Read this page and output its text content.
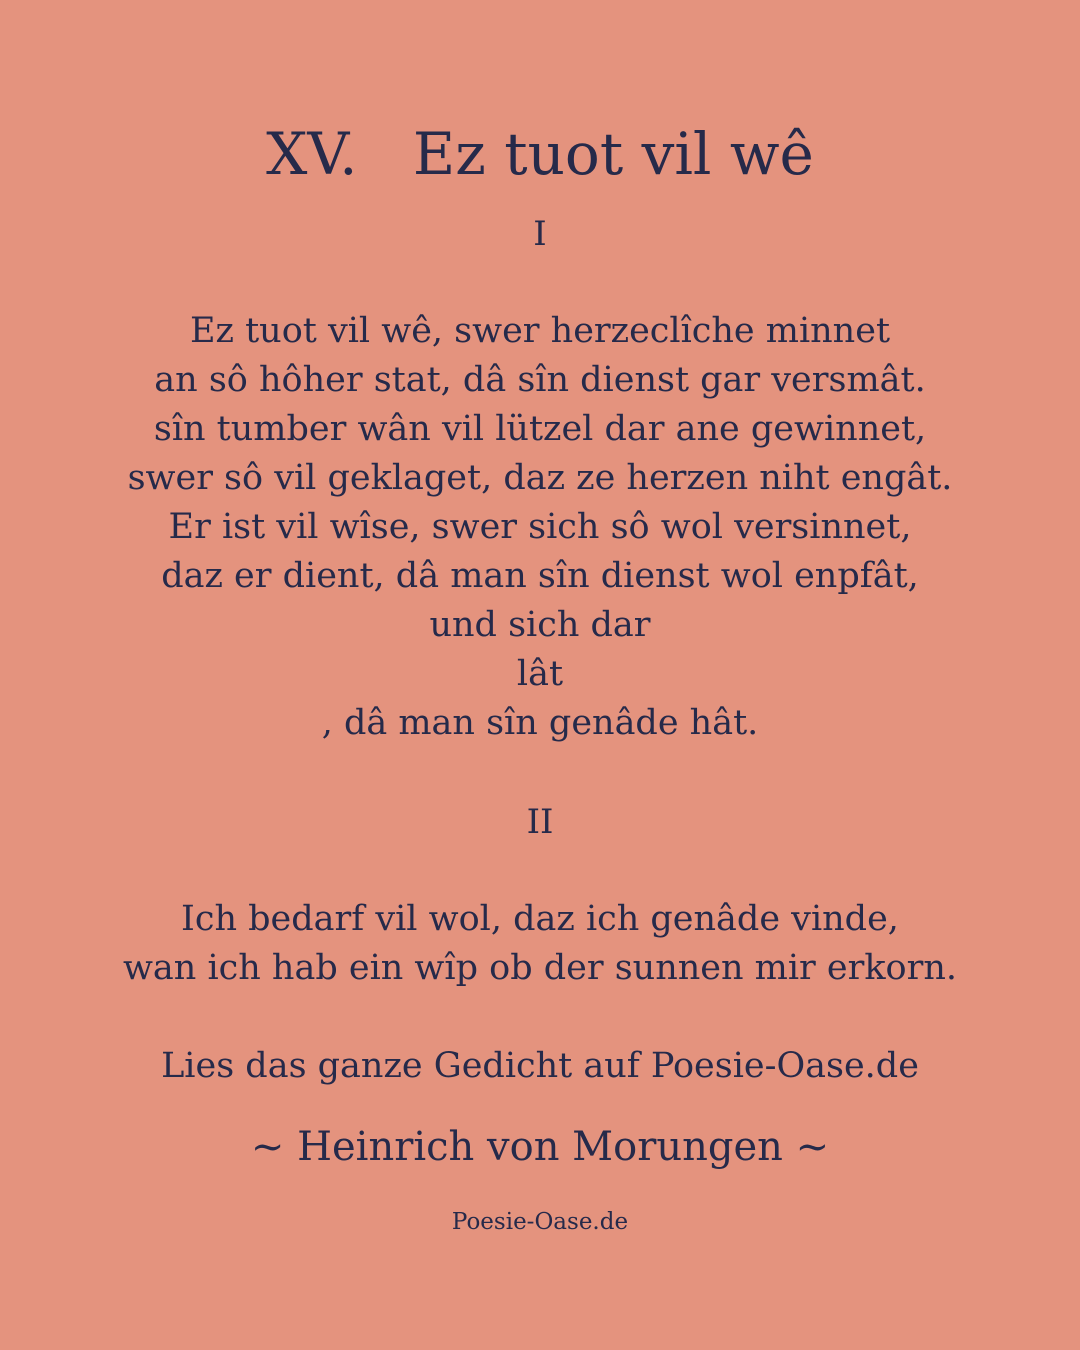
XV.   Ez tuot vil wê
I
Ez tuot vil wê, swer herzeclîche minnet
an sô hôher stat, dâ sîn dienst gar versmât.
sîn tumber wân vil lützel dar ane gewinnet,
swer sô vil geklaget, daz ze herzen niht engât.
Er ist vil wîse, swer sich sô wol versinnet,
daz er dient, dâ man sîn dienst wol enpfât,
und sich dar
lât
, dâ man sîn genâde hât.
II
Ich bedarf vil wol, daz ich genâde vinde,
wan ich hab ein wîp ob der sunnen mir erkorn.
Lies das ganze Gedicht auf Poesie-Oase.de
~ Heinrich von Morungen ~
Poesie-Oase.de
